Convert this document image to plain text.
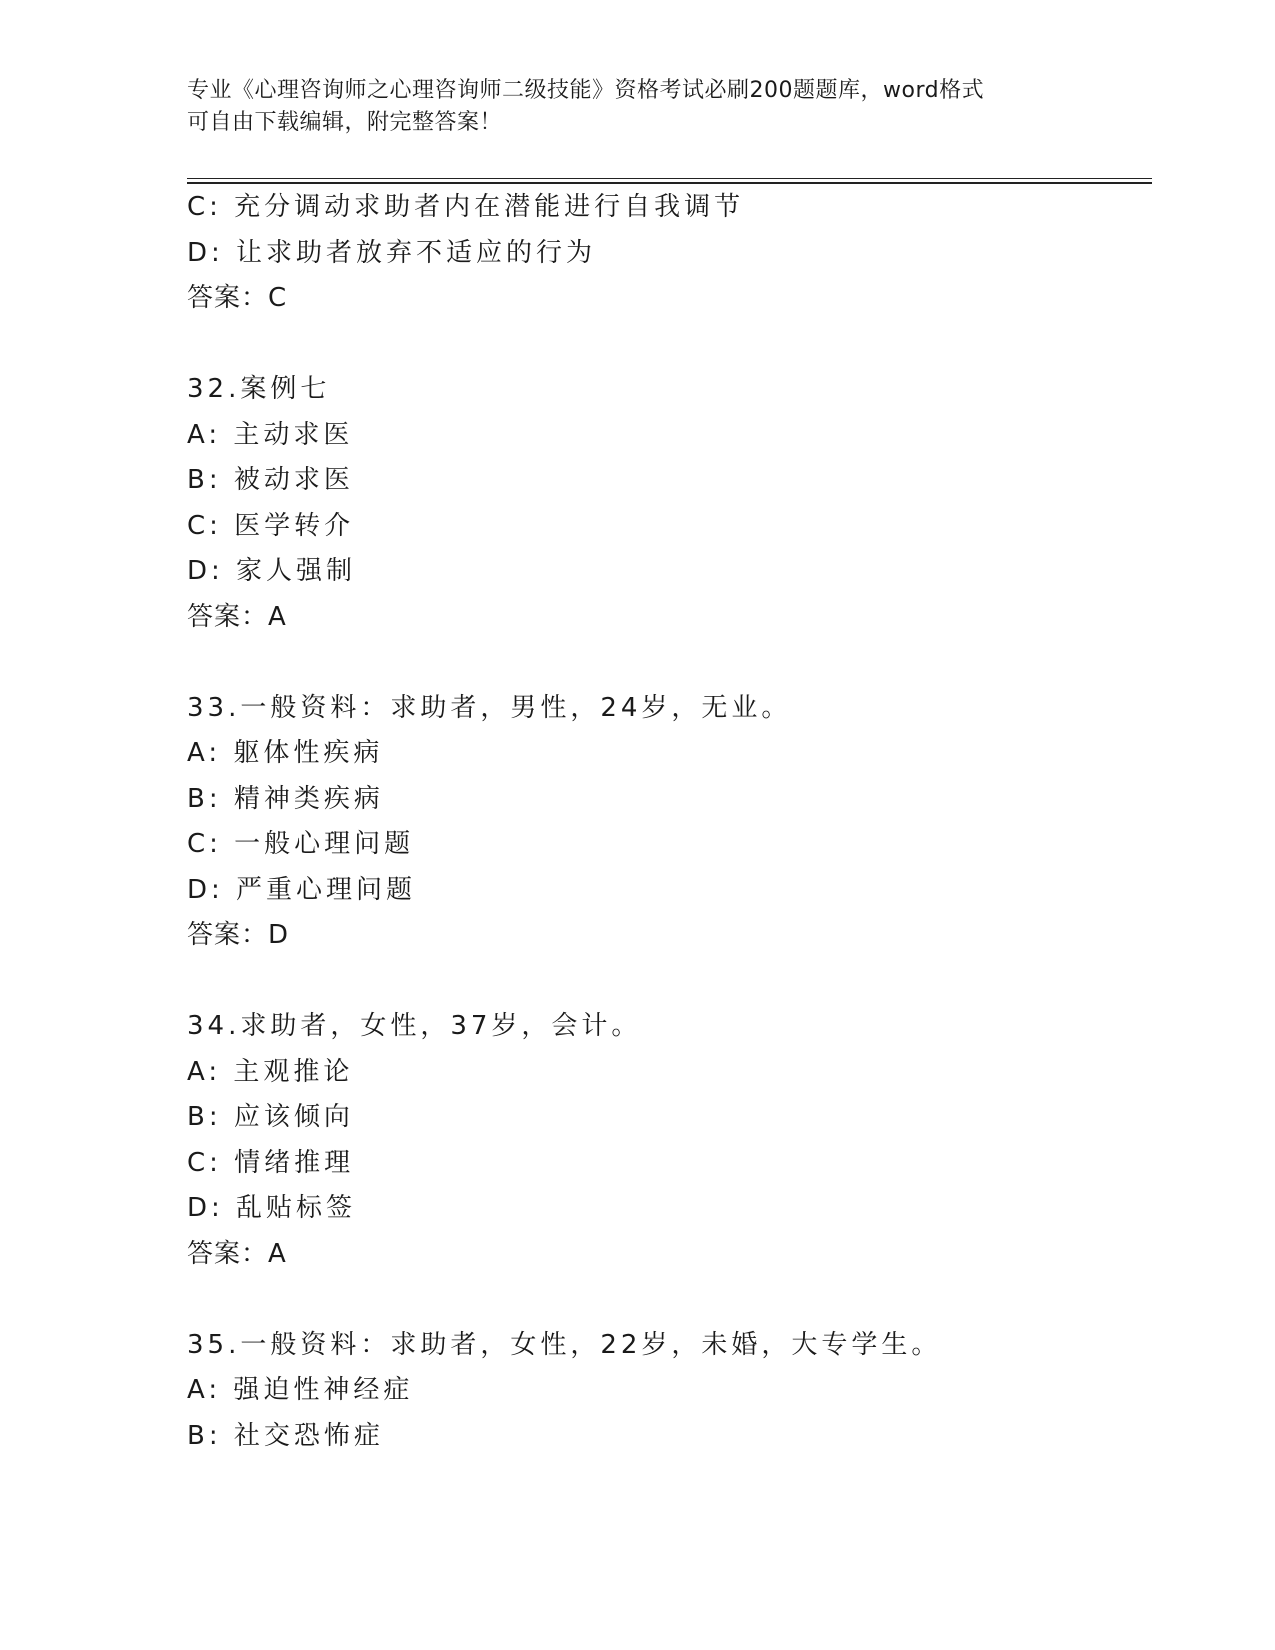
专业《心理咨询师之心理咨询师二级技能》资格考试必刷200题题库，word格式
可自由下载编辑，附完整答案！
C: 充分调动求助者内在潜能进行自我调节
D: 让求助者放弃不适应的行为
答案：C
32.案例七
A: 主动求医
B: 被动求医
C: 医学转介
D: 家人强制
答案：A
33.一般资料：求助者，男性，24岁，无业。
A: 躯体性疾病
B: 精神类疾病
C: 一般心理问题
D: 严重心理问题
答案：D
34.求助者，女性，37岁，会计。
A: 主观推论
B: 应该倾向
C: 情绪推理
D: 乱贴标签
答案：A
35.一般资料：求助者，女性，22岁，未婚，大专学生。
A: 强迫性神经症
B: 社交恐怖症
